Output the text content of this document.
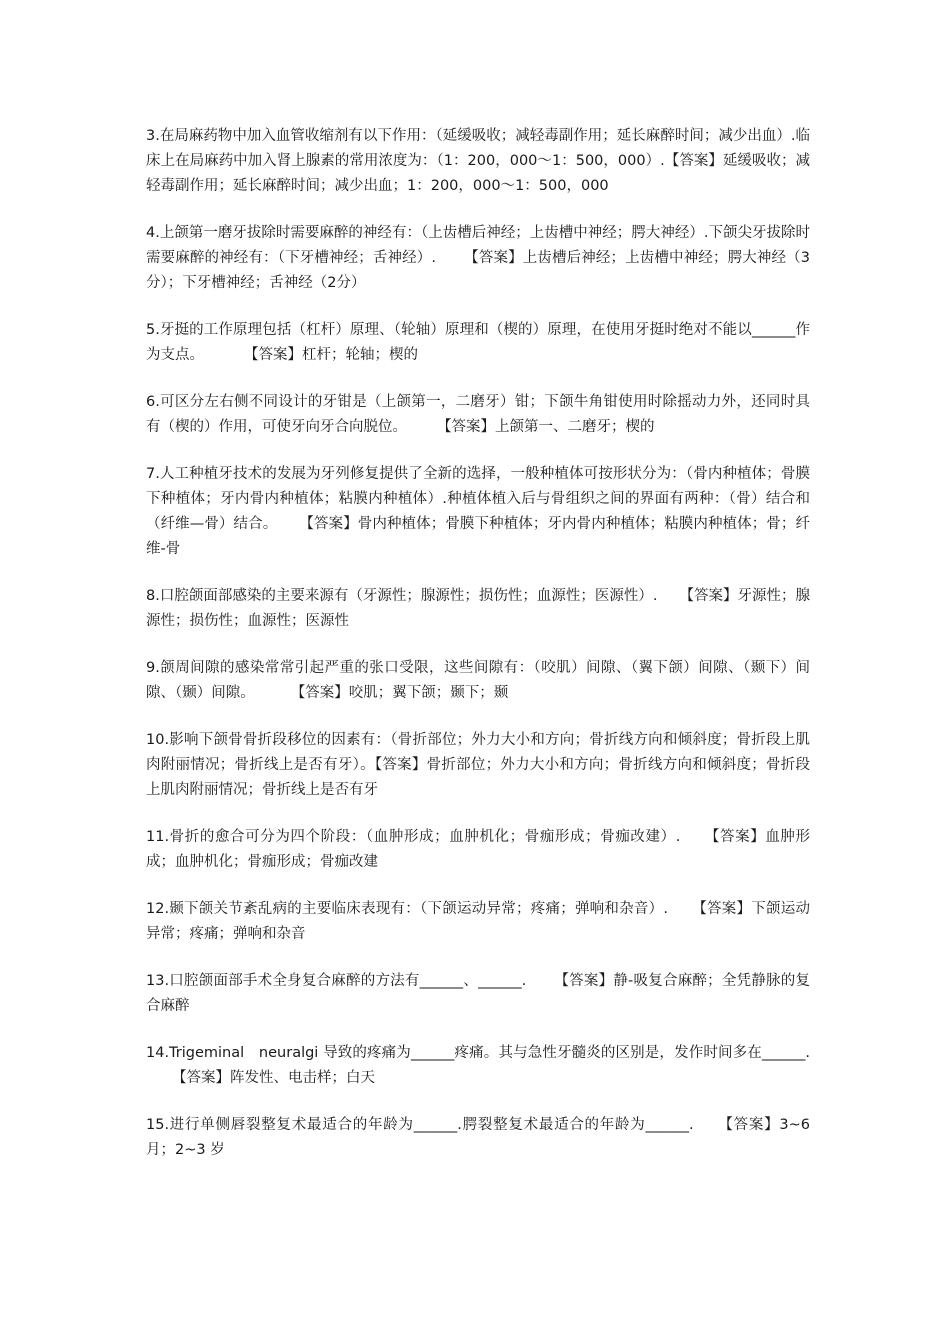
3.在局麻药物中加入血管收缩剂有以下作用：（延缓吸收；减轻毒副作用；延长麻醉时间；减少出血）.临床上在局麻药中加入肾上腺素的常用浓度为：（1：200，000～1：500，000）.【答案】延缓吸收；减轻毒副作用；延长麻醉时间；减少出血；1：200，000～1：500，000

4.上颌第一磨牙拔除时需要麻醉的神经有：（上齿槽后神经；上齿槽中神经；腭大神经）.下颌尖牙拔除时需要麻醉的神经有：（下牙槽神经；舌神经）. 【答案】上齿槽后神经；上齿槽中神经；腭大神经（3分）；下牙槽神经；舌神经（2分）

5.牙挺的工作原理包括（杠杆）原理、（轮轴）原理和（楔的）原理，在使用牙挺时绝对不能以______作为支点。	【答案】杠杆；轮轴；楔的

6.可区分左右侧不同设计的牙钳是（上颌第一，二磨牙）钳；下颌牛角钳使用时除摇动力外，还同时具有（楔的）作用，可使牙向牙合向脱位。 【答案】上颌第一、二磨牙；楔的

7.人工种植牙技术的发展为牙列修复提供了全新的选择，一般种植体可按形状分为：（骨内种植体；骨膜下种植体；牙内骨内种植体；粘膜内种植体）.种植体植入后与骨组织之间的界面有两种：（骨）结合和（纤维—骨）结合。 【答案】骨内种植体；骨膜下种植体；牙内骨内种植体；粘膜内种植体；骨；纤维-骨

8.口腔颌面部感染的主要来源有（牙源性；腺源性；损伤性；血源性；医源性）. 【答案】牙源性；腺源性；损伤性；血源性；医源性

9.颌周间隙的感染常常引起严重的张口受限，这些间隙有：（咬肌）间隙、（翼下颌）间隙、（颞下）间隙、（颞）间隙。 【答案】咬肌；翼下颌；颞下；颞

10.影响下颌骨骨折段移位的因素有：（骨折部位；外力大小和方向；骨折线方向和倾斜度；骨折段上肌肉附丽情况；骨折线上是否有牙）。【答案】骨折部位；外力大小和方向；骨折线方向和倾斜度；骨折段上肌肉附丽情况；骨折线上是否有牙

11.骨折的愈合可分为四个阶段：（血肿形成；血肿机化；骨痂形成；骨痂改建）. 【答案】血肿形成；血肿机化；骨痂形成；骨痂改建

12.颞下颌关节紊乱病的主要临床表现有：（下颌运动异常；疼痛；弹响和杂音）. 【答案】下颌运动异常；疼痛；弹响和杂音

13.口腔颌面部手术全身复合麻醉的方法有______、______. 【答案】静-吸复合麻醉；全凭静脉的复合麻醉

14.Trigeminal　neuralgi 导致的疼痛为______疼痛。其与急性牙髓炎的区别是，发作时间多在______.【答案】阵发性、电击样；白天

15.进行单侧唇裂整复术最适合的年龄为______.腭裂整复术最适合的年龄为______. 【答案】3~6 月；2~3 岁
